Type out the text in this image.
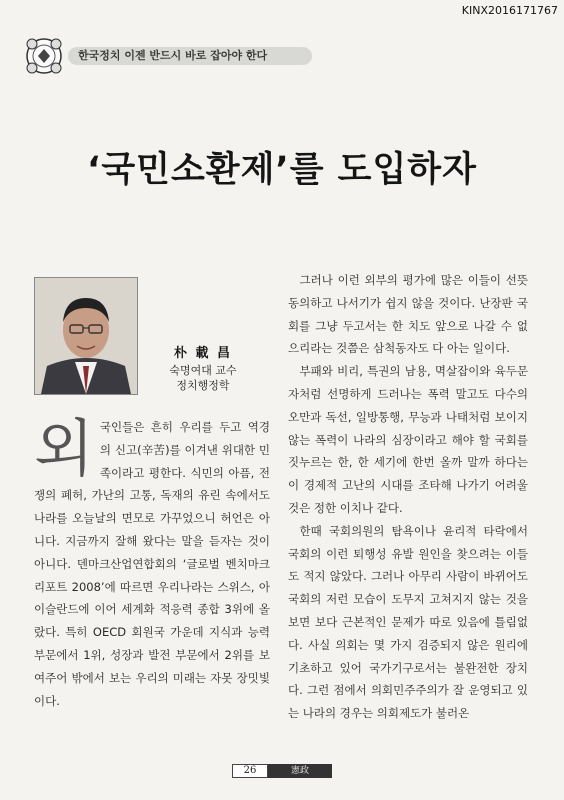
KINX2016171767
한국정치 이젠 반드시 바로 잡아야 한다
‘국민소환제’를 도입하자
朴 載 昌
숙명여대 교수
정치행정학

외국인들은 흔히 우리를 두고 역경의 신고(辛苦)를 이겨낸 위대한 민족이라고 평한다. 식민의 아픔, 전쟁의 폐허, 가난의 고통, 독재의 유린 속에서도 나라를 오늘날의 면모로 가꾸었으니 허언은 아니다. 지금까지 잘해 왔다는 말을 듣자는 것이 아니다. 덴마크산업연합회의 ‘글로벌 벤치마크 리포트 2008’에 따르면 우리나라는 스위스, 아이슬란드에 이어 세계화 적응력 종합 3위에 올랐다. 특히 OECD 회원국 가운데 지식과 능력 부문에서 1위, 성장과 발전 부문에서 2위를 보여주어 밖에서 보는 우리의 미래는 자못 장밋빛이다.

그러나 이런 외부의 평가에 많은 이들이 선뜻 동의하고 나서기가 쉽지 않을 것이다. 난장판 국회를 그냥 두고서는 한 치도 앞으로 나갈 수 없으리라는 것쯤은 삼척동자도 다 아는 일이다.

부패와 비리, 특권의 남용, 멱살잡이와 육두문자처럼 선명하게 드러나는 폭력 말고도 다수의 오만과 독선, 일방통행, 무능과 나태처럼 보이지 않는 폭력이 나라의 심장이라고 해야 할 국회를 짓누르는 한, 한 세기에 한번 올까 말까 하다는 이 경제적 고난의 시대를 조타해 나가기 어려울 것은 정한 이치나 같다.

한때 국회의원의 탐욕이나 윤리적 타락에서 국회의 이런 퇴행성 유발 원인을 찾으려는 이들도 적지 않았다. 그러나 아무리 사람이 바뀌어도 국회의 저런 모습이 도무지 고쳐지지 않는 것을 보면 보다 근본적인 문제가 따로 있음에 틀림없다. 사실 의회는 몇 가지 검증되지 않은 원리에 기초하고 있어 국가기구로서는 불완전한 장치다. 그런 점에서 의회민주주의가 잘 운영되고 있는 나라의 경우는 의회제도가 불러온

26	憲政
